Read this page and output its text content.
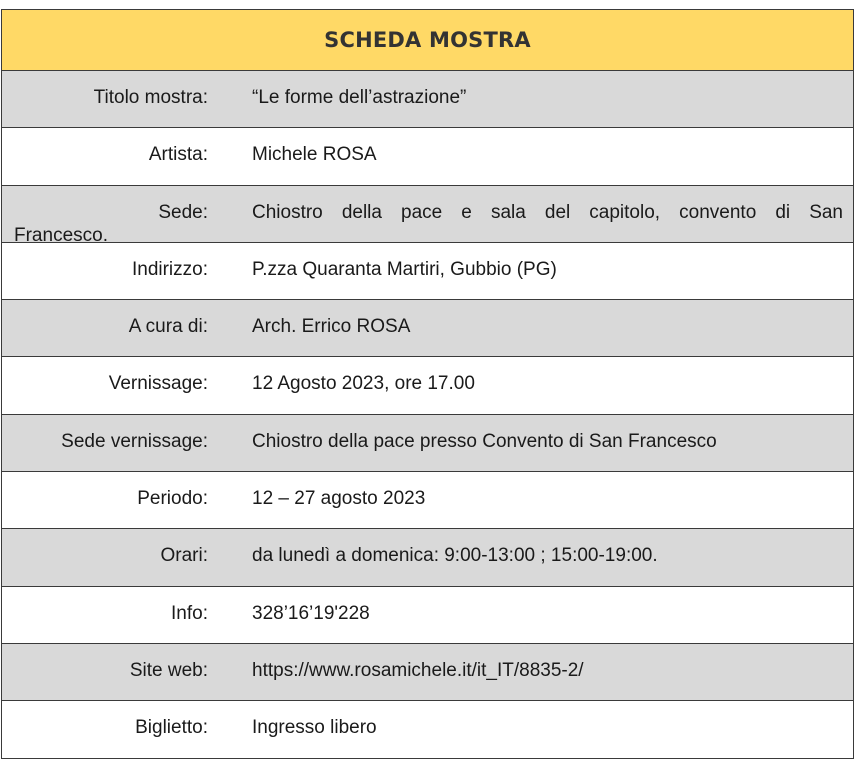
SCHEDA MOSTRA
Titolo mostra: “Le forme dell’astrazione”
Artista: Michele ROSA
Sede: Chiostro della pace e sala del capitolo, convento di San
Francesco.
Indirizzo: P.zza Quaranta Martiri, Gubbio (PG)
A cura di: Arch. Errico ROSA
Vernissage: 12 Agosto 2023, ore 17.00
Sede vernissage: Chiostro della pace presso Convento di San Francesco
Periodo: 12 – 27 agosto 2023
Orari: da lunedì a domenica: 9:00-13:00 ; 15:00-19:00.
Info: 328’16’19'228
Site web: https://www.rosamichele.it/it_IT/8835-2/
Biglietto: Ingresso libero
